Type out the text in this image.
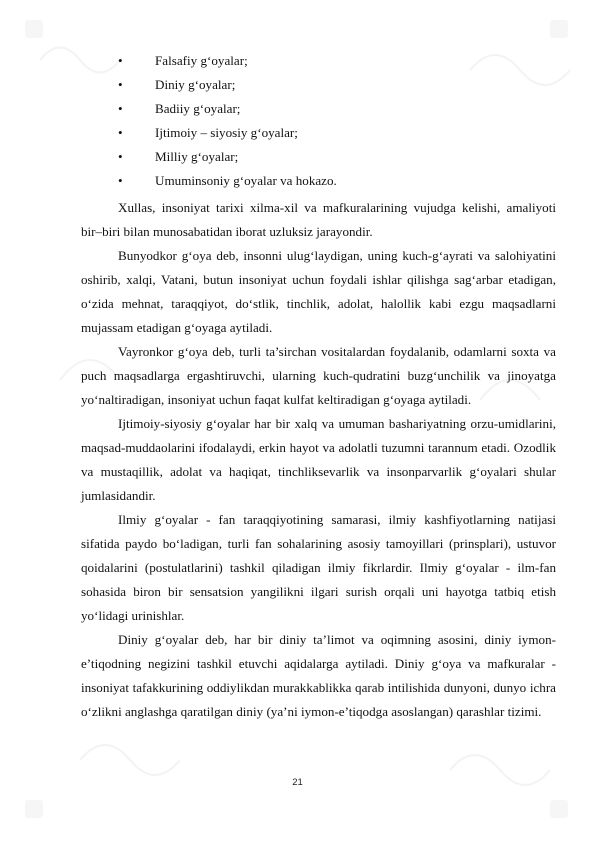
• Falsafiy g‘oyalar;
• Diniy g‘oyalar;
• Badiiy g‘oyalar;
• Ijtimoiy – siyosiy g‘oyalar;
• Milliy g‘oyalar;
• Umuminsoniy g‘oyalar va hokazo.

Xullas, insoniyat tarixi xilma-xil va mafkuralarining vujudga kelishi, amaliyoti bir–biri bilan munosabatidan iborat uzluksiz jarayondir.

Bunyodkor g‘oya deb, insonni ulug‘laydigan, uning kuch-g‘ayrati va salohiyatini oshirib, xalqi, Vatani, butun insoniyat uchun foydali ishlar qilishga sag‘arbar etadigan, o‘zida mehnat, taraqqiyot, do‘stlik, tinchlik, adolat, halollik kabi ezgu maqsadlarni mujassam etadigan g‘oyaga aytiladi.

Vayronkor g‘oya deb, turli ta’sirchan vositalardan foydalanib, odamlarni soxta va puch maqsadlarga ergashtiruvchi, ularning kuch-qudratini buzg‘unchilik va jinoyatga yo‘naltiradigan, insoniyat uchun faqat kulfat keltiradigan g‘oyaga aytiladi.

Ijtimoiy-siyosiy g‘oyalar har bir xalq va umuman bashariyatning orzu-umidlarini, maqsad-muddaolarini ifodalaydi, erkin hayot va adolatli tuzumni tarannum etadi. Ozodlik va mustaqillik, adolat va haqiqat, tinchliksevarlik va insonparvarlik g‘oyalari shular jumlasidandir.

Ilmiy g‘oyalar - fan taraqqiyotining samarasi, ilmiy kashfiyotlarning natijasi sifatida paydo bo‘ladigan, turli fan sohalarining asosiy tamoyillari (prinsplari), ustuvor qoidalarini (postulatlarini) tashkil qiladigan ilmiy fikrlardir. Ilmiy g‘oyalar - ilm-fan sohasida biron bir sensatsion yangilikni ilgari surish orqali uni hayotga tatbiq etish yo‘lidagi urinishlar.

Diniy g‘oyalar deb, har bir diniy ta’limot va oqimning asosini, diniy iymon-e’tiqodning negizini tashkil etuvchi aqidalarga aytiladi. Diniy g‘oya va mafkuralar - insoniyat tafakkurining oddiylikdan murakkablikka qarab intilishida dunyoni, dunyo ichra o‘zlikni anglashga qaratilgan diniy (ya’ni iymon-e’tiqodga asoslangan) qarashlar tizimi.

21
